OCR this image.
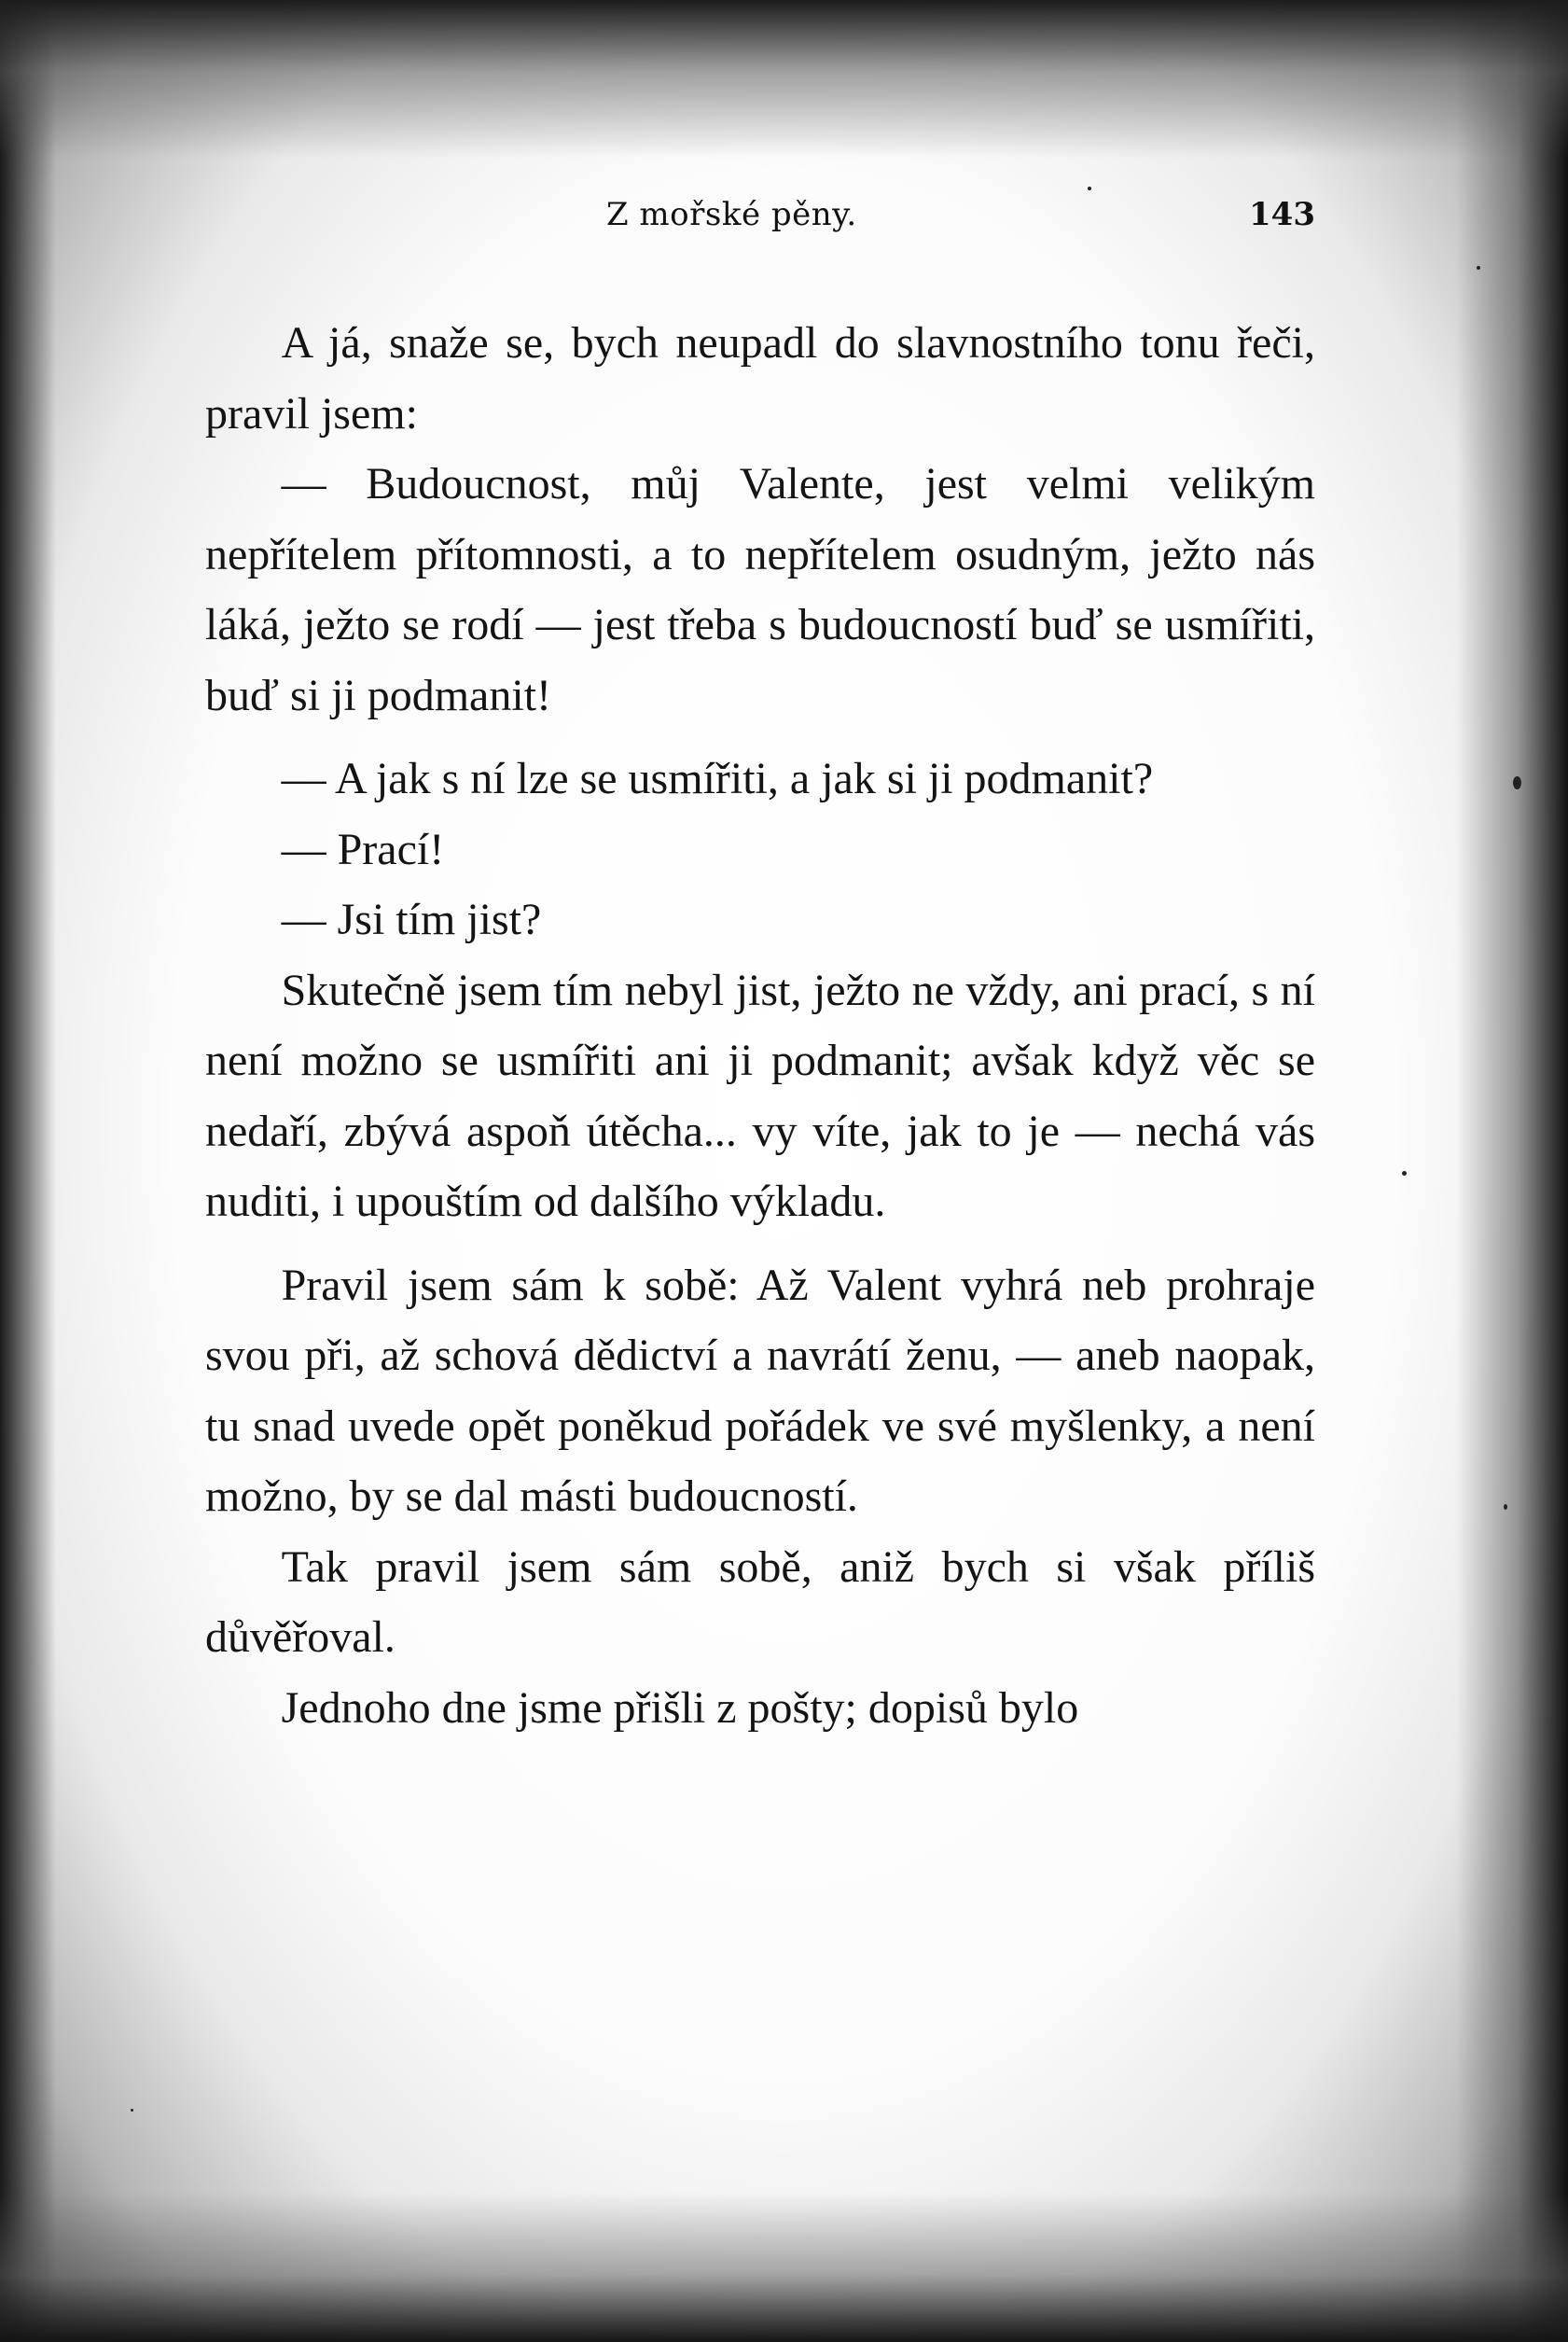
Z mořské pěny.	143

A já, snaže se, bych neupadl do slavnostního tonu řeči, pravil jsem:

— Budoucnost, můj Valente, jest velmi velikým nepřítelem přítomnosti, a to nepřítelem osudným, ježto nás láká, ježto se rodí — jest třeba s budoucností buď se usmířiti, buď si ji podmanit!

— A jak s ní lze se usmířiti, a jak si ji podmanit?

— Prací!

— Jsi tím jist?

Skutečně jsem tím nebyl jist, ježto ne vždy, ani prací, s ní není možno se usmířiti ani ji podmanit; avšak když věc se nedaří, zbývá aspoň útěcha... vy víte, jak to je — nechá vás nuditi, i upouštím od dalšího výkladu.

Pravil jsem sám k sobě: Až Valent vyhrá neb prohraje svou při, až schová dědictví a navrátí ženu, — aneb naopak, tu snad uvede opět poněkud pořádek ve své myšlenky, a není možno, by se dal másti budoucností.

Tak pravil jsem sám sobě, aniž bych si však příliš důvěřoval.

Jednoho dne jsme přišli z pošty; dopisů bylo
